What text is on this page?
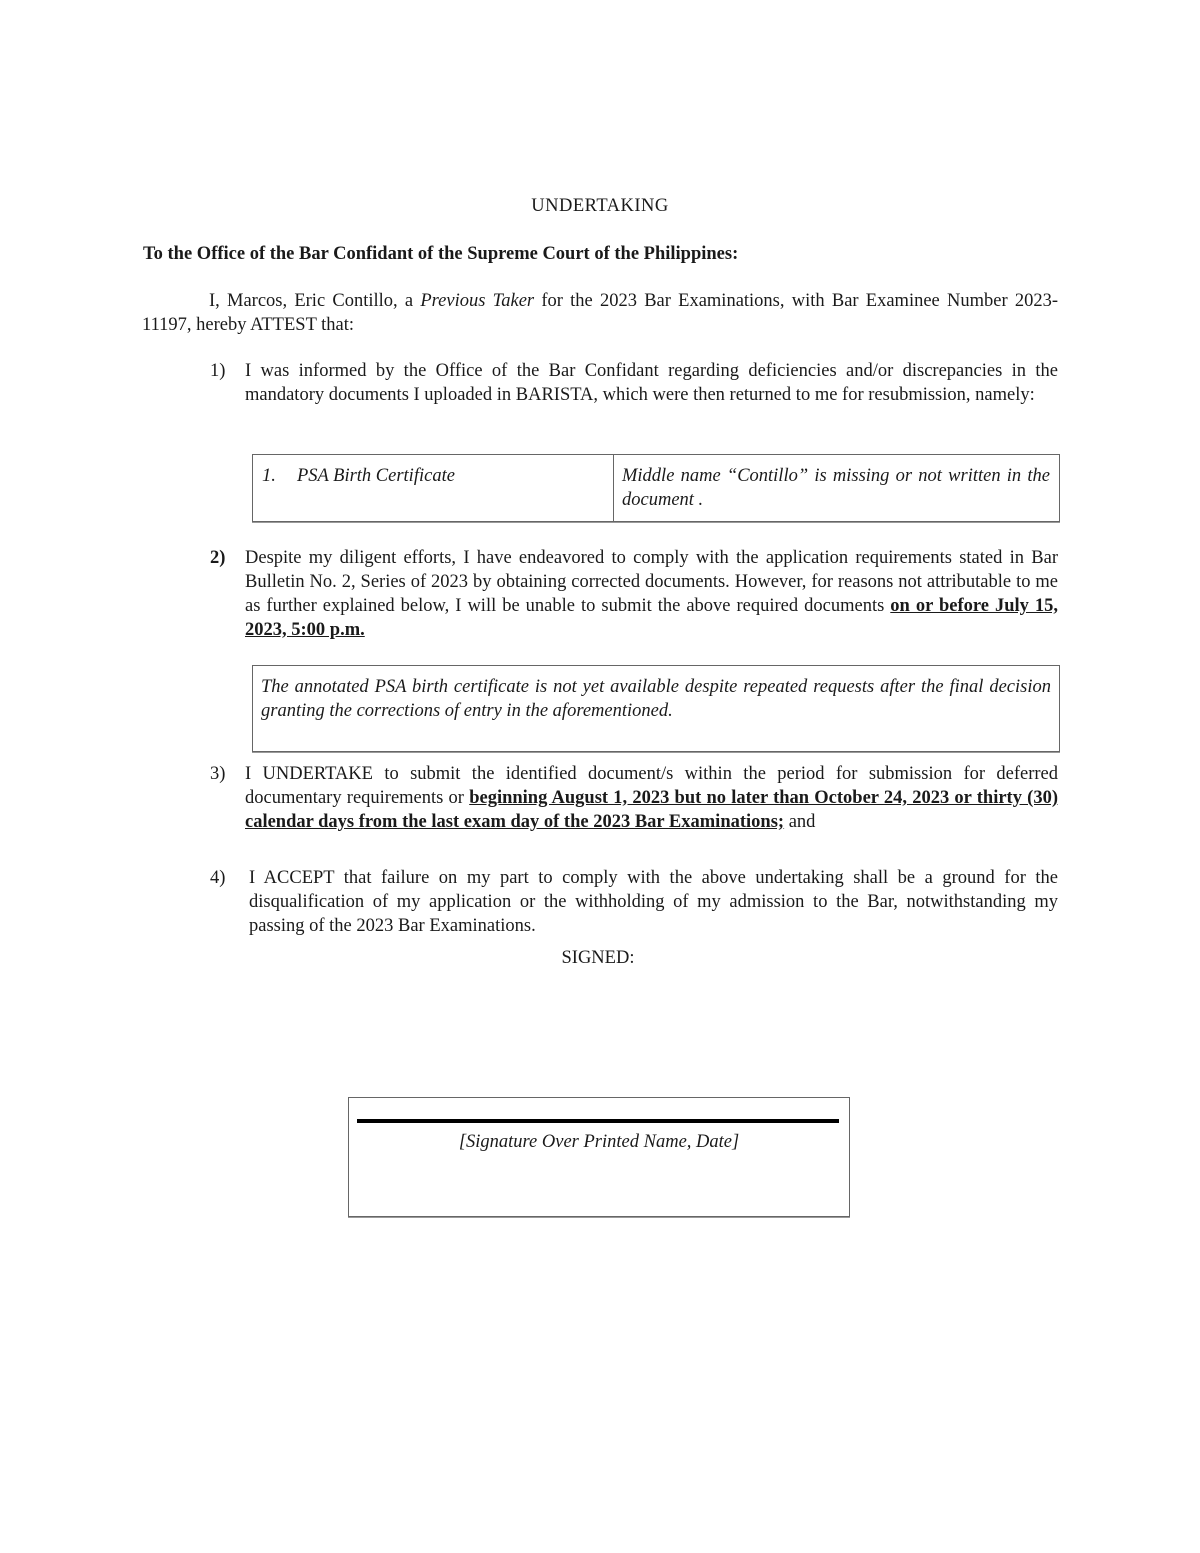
UNDERTAKING
To the Office of the Bar Confidant of the Supreme Court of the Philippines:
I, Marcos, Eric Contillo, a Previous Taker for the 2023 Bar Examinations, with Bar Examinee Number 2023-11197, hereby ATTEST that:
1) I was informed by the Office of the Bar Confidant regarding deficiencies and/or discrepancies in the mandatory documents I uploaded in BARISTA, which were then returned to me for resubmission, namely:
1. PSA Birth Certificate	Middle name “Contillo” is missing or not written in the document .
2) Despite my diligent efforts, I have endeavored to comply with the application requirements stated in Bar Bulletin No. 2, Series of 2023 by obtaining corrected documents. However, for reasons not attributable to me as further explained below, I will be unable to submit the above required documents on or before July 15, 2023, 5:00 p.m.
The annotated PSA birth certificate is not yet available despite repeated requests after the final decision granting the corrections of entry in the aforementioned.
3) I UNDERTAKE to submit the identified document/s within the period for submission for deferred documentary requirements or beginning August 1, 2023 but no later than October 24, 2023 or thirty (30) calendar days from the last exam day of the 2023 Bar Examinations; and
4) I ACCEPT that failure on my part to comply with the above undertaking shall be a ground for the disqualification of my application or the withholding of my admission to the Bar, notwithstanding my passing of the 2023 Bar Examinations.
SIGNED:
[Signature Over Printed Name, Date]
